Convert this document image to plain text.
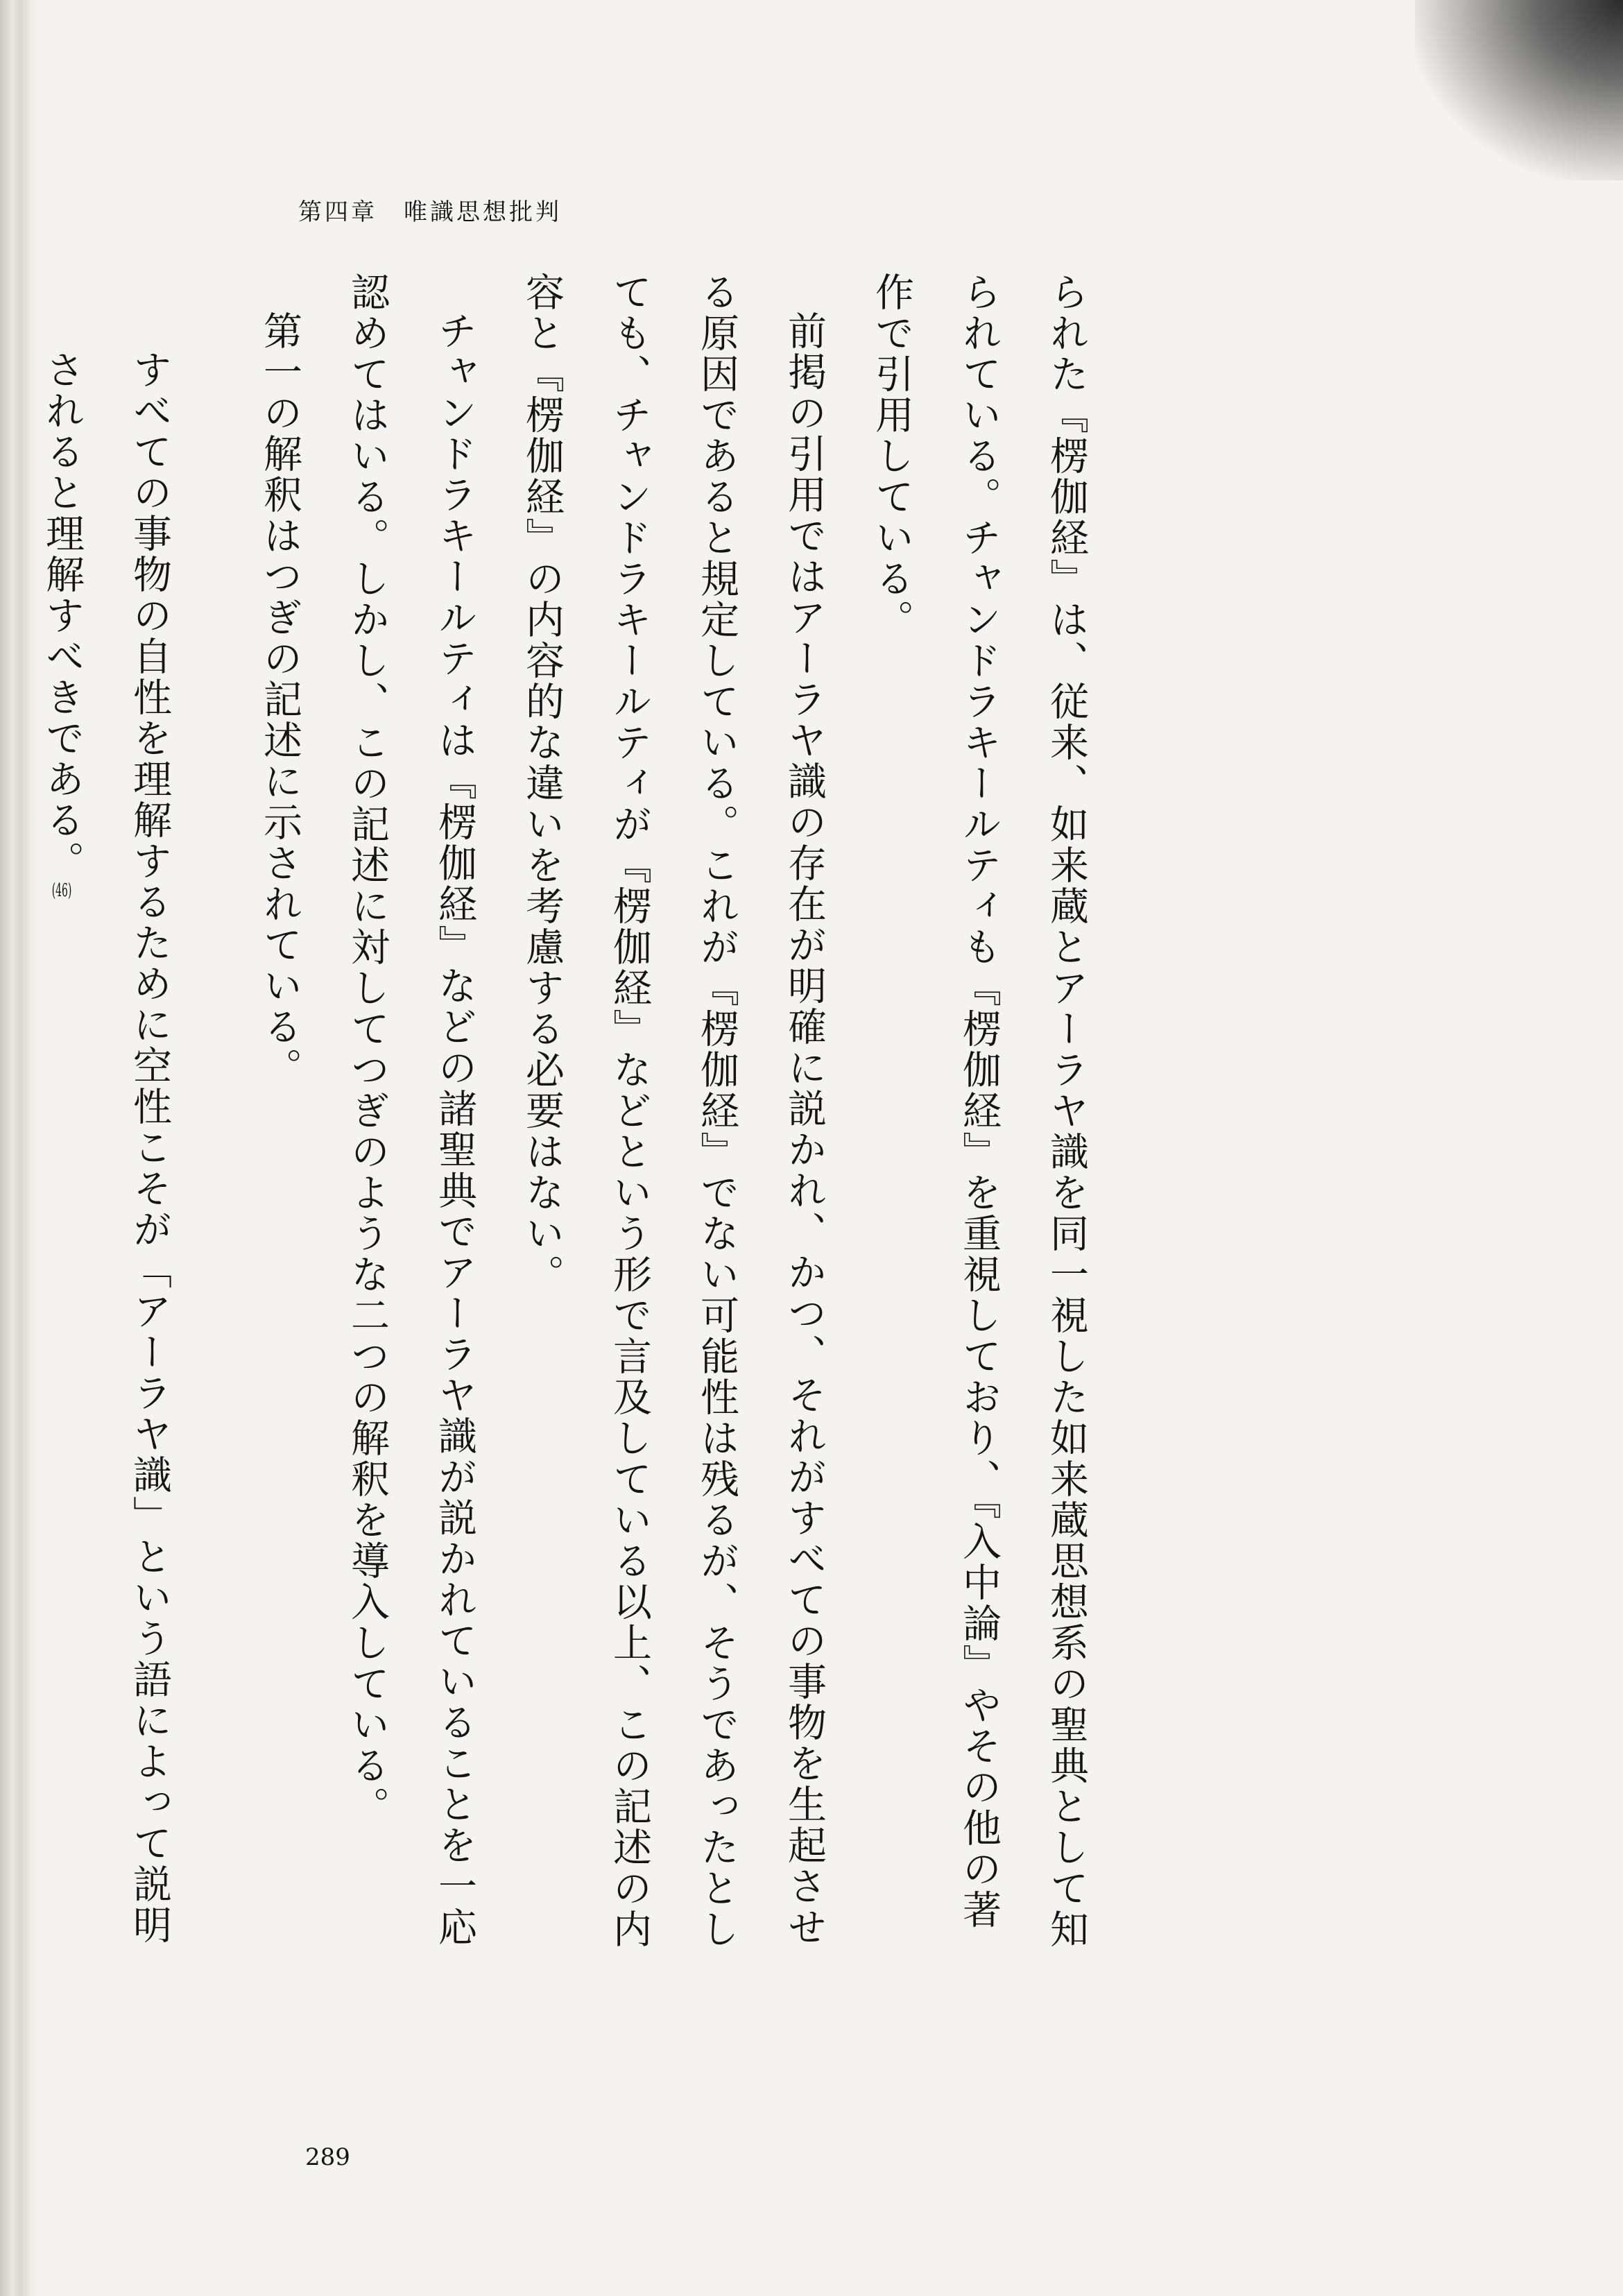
第四章　唯識思想批判

られた『楞伽経』は、従来、如来蔵とアーラヤ識を同一視した如来蔵思想系の聖典として知られている。チャンドラキールティも『楞伽経』を重視しており、『入中論』やその他の著作で引用している。

前掲の引用ではアーラヤ識の存在が明確に説かれ、かつ、それがすべての事物を生起させる原因であると規定している。これが『楞伽経』でない可能性は残るが、そうであったとしても、チャンドラキールティが『楞伽経』などという形で言及している以上、この記述の内容と『楞伽経』の内容的な違いを考慮する必要はない。

チャンドラキールティは『楞伽経』などの諸聖典でアーラヤ識が説かれていることを一応認めてはいる。しかし、この記述に対してつぎのような二つの解釈を導入している。

第一の解釈はつぎの記述に示されている。

すべての事物の自性を理解するために空性こそが「アーラヤ識」という語によって説明されると理解すべきである。(46)

289
